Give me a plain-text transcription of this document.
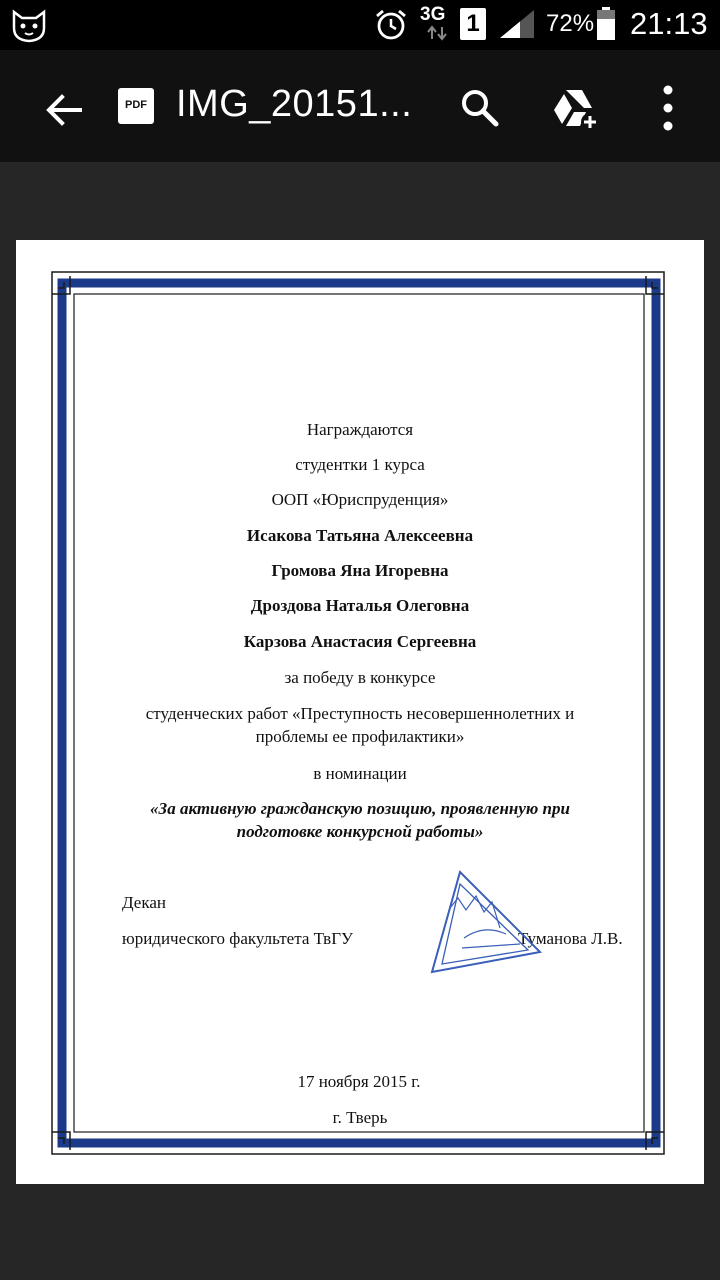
3G 1	72% 21:13
PDF IMG_20151...
Награждаются
студентки 1 курса
ООП «Юриспруденция»
Исакова Татьяна Алексеевна
Громова Яна Игоревна
Дроздова Наталья Олеговна
Карзова Анастасия Сергеевна
за победу в конкурсе
студенческих работ «Преступность несовершеннолетних и
проблемы ее профилактики»
в номинации
«За активную гражданскую позицию, проявленную при
подготовке конкурсной работы»
Декан
юридического факультета ТвГУ	Туманова Л.В.
17 ноября 2015 г.
г. Тверь
